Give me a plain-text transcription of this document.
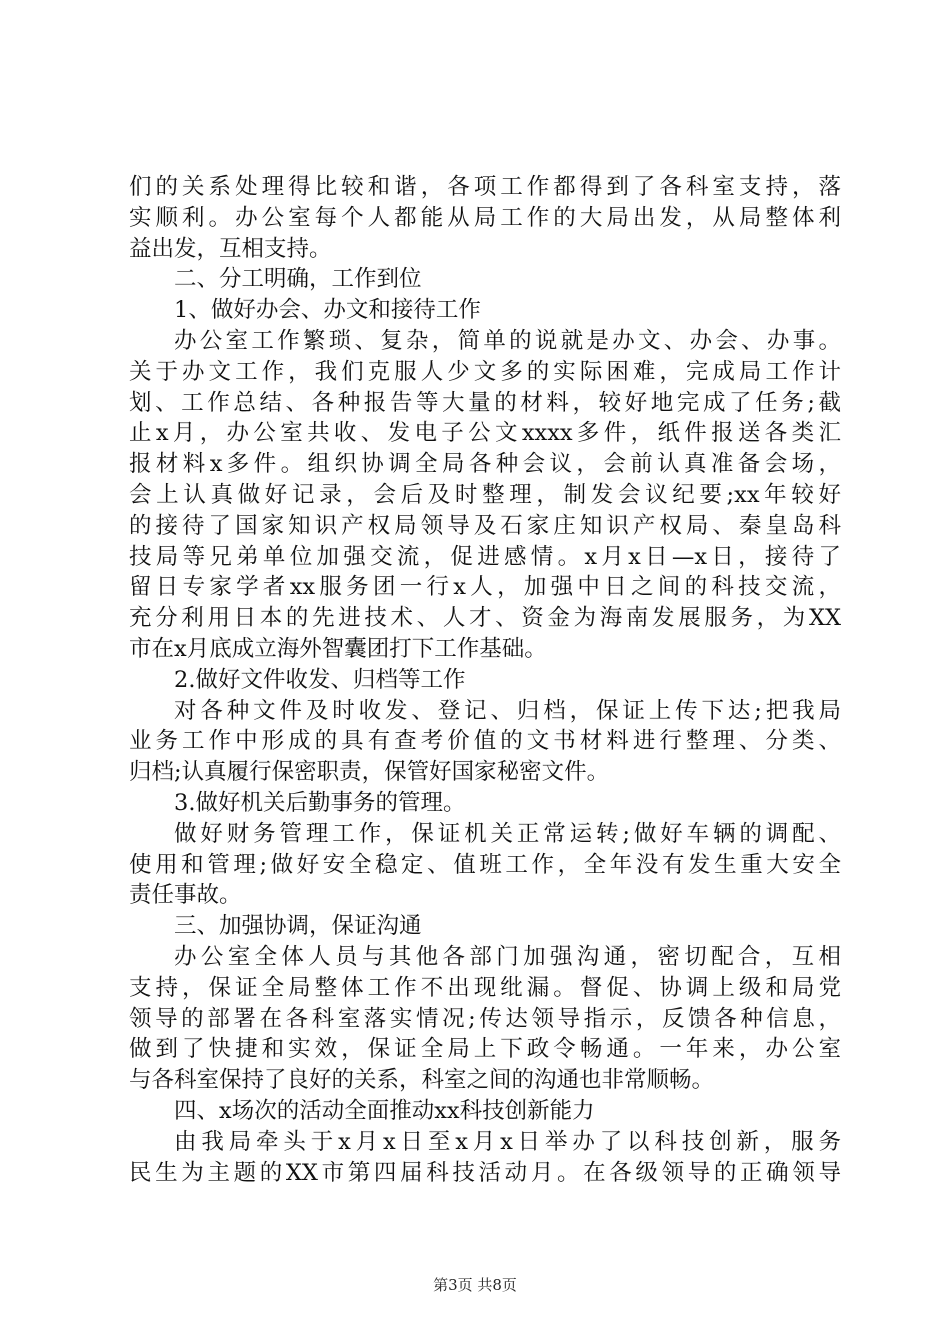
们的关系处理得比较和谐，各项工作都得到了各科室支持，落
实顺利。办公室每个人都能从局工作的大局出发，从局整体利
益出发，互相支持。
二、分工明确，工作到位
1、做好办会、办文和接待工作
办公室工作繁琐、复杂，简单的说就是办文、办会、办事。
关于办文工作，我们克服人少文多的实际困难，完成局工作计
划、工作总结、各种报告等大量的材料，较好地完成了任务;截
止x月，办公室共收、发电子公文xxxx多件，纸件报送各类汇
报材料x多件。组织协调全局各种会议，会前认真准备会场，
会上认真做好记录，会后及时整理，制发会议纪要;xx年较好
的接待了国家知识产权局领导及石家庄知识产权局、秦皇岛科
技局等兄弟单位加强交流，促进感情。x月x日—x日，接待了
留日专家学者xx服务团一行x人，加强中日之间的科技交流，
充分利用日本的先进技术、人才、资金为海南发展服务，为XX
市在x月底成立海外智囊团打下工作基础。
2.做好文件收发、归档等工作
对各种文件及时收发、登记、归档，保证上传下达;把我局
业务工作中形成的具有查考价值的文书材料进行整理、分类、
归档;认真履行保密职责，保管好国家秘密文件。
3.做好机关后勤事务的管理。
做好财务管理工作，保证机关正常运转;做好车辆的调配、
使用和管理;做好安全稳定、值班工作，全年没有发生重大安全
责任事故。
三、加强协调，保证沟通
办公室全体人员与其他各部门加强沟通，密切配合，互相
支持，保证全局整体工作不出现纰漏。督促、协调上级和局党
领导的部署在各科室落实情况;传达领导指示，反馈各种信息，
做到了快捷和实效，保证全局上下政令畅通。一年来，办公室
与各科室保持了良好的关系，科室之间的沟通也非常顺畅。
四、x场次的活动全面推动xx科技创新能力
由我局牵头于x月x日至x月x日举办了以科技创新，服务
民生为主题的XX市第四届科技活动月。在各级领导的正确领导
第3页 共8页
